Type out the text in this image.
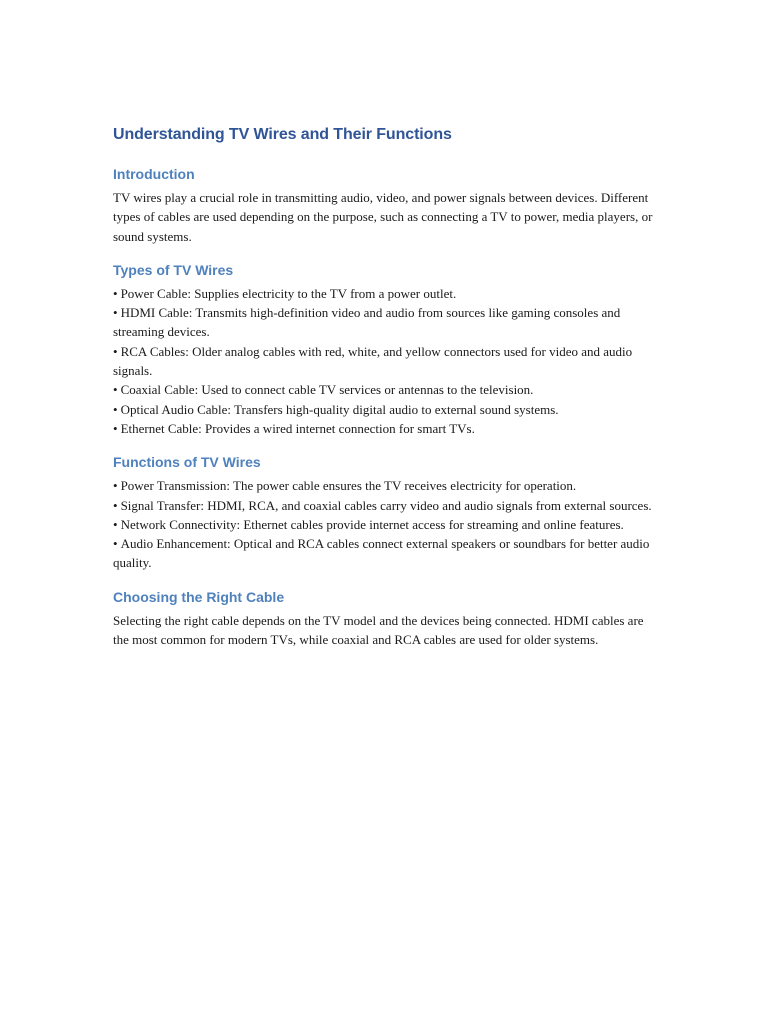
Understanding TV Wires and Their Functions
Introduction

TV wires play a crucial role in transmitting audio, video, and power signals between devices. Different types of cables are used depending on the purpose, such as connecting a TV to power, media players, or sound systems.

Types of TV Wires

• Power Cable: Supplies electricity to the TV from a power outlet.

• HDMI Cable: Transmits high-definition video and audio from sources like gaming consoles and streaming devices.

• RCA Cables: Older analog cables with red, white, and yellow connectors used for video and audio signals.

• Coaxial Cable: Used to connect cable TV services or antennas to the television.

• Optical Audio Cable: Transfers high-quality digital audio to external sound systems.

• Ethernet Cable: Provides a wired internet connection for smart TVs.

Functions of TV Wires

• Power Transmission: The power cable ensures the TV receives electricity for operation.

• Signal Transfer: HDMI, RCA, and coaxial cables carry video and audio signals from external sources.

• Network Connectivity: Ethernet cables provide internet access for streaming and online features.

• Audio Enhancement: Optical and RCA cables connect external speakers or soundbars for better audio quality.

Choosing the Right Cable

Selecting the right cable depends on the TV model and the devices being connected. HDMI cables are the most common for modern TVs, while coaxial and RCA cables are used for older systems.
